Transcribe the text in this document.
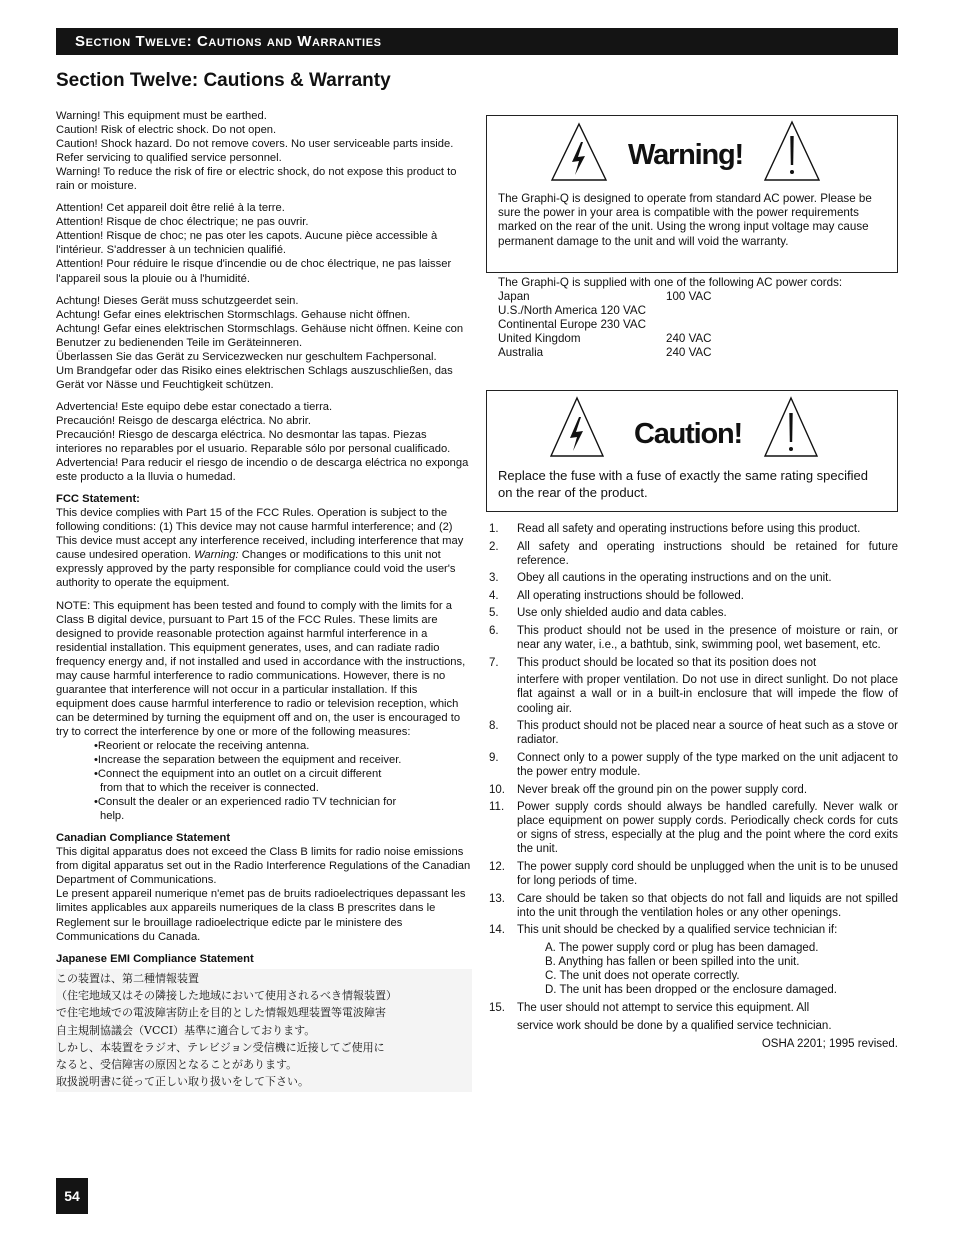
Section Twelve: Cautions and Warranties
Section Twelve: Cautions & Warranty

Warning! This equipment must be earthed.
Caution! Risk of electric shock. Do not open.
Caution! Shock hazard. Do not remove covers. No user serviceable parts inside. Refer servicing to qualified service personnel.
Warning! To reduce the risk of fire or electric shock, do not expose this product to rain or moisture.

Attention! Cet appareil doit être relié à la terre.
Attention! Risque de choc électrique; ne pas ouvrir.
Attention! Risque de choc; ne pas oter les capots. Aucune pièce accessible à l'intérieur. S'addresser à un technicien qualifié.
Attention! Pour réduire le risque d'incendie ou de choc électrique, ne pas laisser l'appareil sous la plouie ou à l'humidité.

Achtung! Dieses Gerät muss schutzgeerdet sein.
Achtung! Gefar eines elektrischen Stormschlags. Gehause nicht öffnen.
Achtung! Gefar eines elektrischen Stormschlags. Gehäuse nicht öffnen. Keine con Benutzer zu bedienenden Teile im Geräteinneren.
Überlassen Sie das Gerät zu Servicezwecken nur geschultem Fachpersonal.
Um Brandgefar oder das Risiko eines elektrischen Schlags auszuschließen, das Gerät vor Nässe und Feuchtigkeit schützen.

Advertencia! Este equipo debe estar conectado a tierra.
Precaución! Reisgo de descarga eléctrica. No abrir.
Precaución! Riesgo de descarga eléctrica. No desmontar las tapas. Piezas interiores no reparables por el usuario. Reparable sólo por personal cualificado.
Advertencia! Para reducir el riesgo de incendio o de descarga eléctrica no exponga este producto a la lluvia o humedad.

FCC Statement:
This device complies with Part 15 of the FCC Rules. Operation is subject to the following conditions: (1) This device may not cause harmful interference; and (2) This device must accept any interference received, including interference that may cause undesired operation. Warning: Changes or modifications to this unit not expressly approved by the party responsible for compliance could void the user's authority to operate the equipment.

NOTE: This equipment has been tested and found to comply with the limits for a Class B digital device, pursuant to Part 15 of the FCC Rules. These limits are designed to provide reasonable protection against harmful interference in a residential installation. This equipment generates, uses, and can radiate radio frequency energy and, if not installed and used in accordance with the instructions, may cause harmful interference to radio communications. However, there is no guarantee that interference will not occur in a particular installation. If this equipment does cause harmful interference to radio or television reception, which can be determined by turning the equipment off and on, the user is encouraged to try to correct the interference by one or more of the following measures:
•Reorient or relocate the receiving antenna.
•Increase the separation between the equipment and receiver.
•Connect the equipment into an outlet on a circuit different
from that to which the receiver is connected.
•Consult the dealer or an experienced radio TV technician for
help.

Canadian Compliance Statement
This digital apparatus does not exceed the Class B limits for radio noise emissions from digital apparatus set out in the Radio Interference Regulations of the Canadian Department of Communications.
Le present appareil numerique n'emet pas de bruits radioelectriques depassant les limites applicables aux appareils numeriques de la class B prescrites dans le Reglement sur le brouillage radioelectrique edicte par le ministere des Communications du Canada.

Japanese EMI Compliance Statement
この装置は、第二種情報装置
（住宅地域又はその隣接した地域において使用されるべき情報装置）
で住宅地域での電波障害防止を目的とした情報処理装置等電波障害
自主規制協議会（VCCI）基準に適合しております。
しかし、本装置をラジオ、テレビジョン受信機に近接してご使用に
なると、受信障害の原因となることがあります。
取扱説明書に従って正しい取り扱いをして下さい。
Warning!
The Graphi-Q is designed to operate from standard AC power. Please be sure the power in your area is compatible with the power requirements marked on the rear of the unit. Using the wrong input voltage may cause permanent damage to the unit and will void the warranty.
The Graphi-Q is supplied with one of the following AC power cords:
Japan	100 VAC
U.S./North America 120 VAC
Continental Europe 230 VAC
United Kingdom	240 VAC
Australia	240 VAC
Caution!
Replace the fuse with a fuse of exactly the same rating specified on the rear of the product.
1.	Read all safety and operating instructions before using this product.
2.	All safety and operating instructions should be retained for future reference.
3.	Obey all cautions in the operating instructions and on the unit.
4.	All operating instructions should be followed.
5.	Use only shielded audio and data cables.
6.	This product should not be used in the presence of moisture or rain, or near any water, i.e., a bathtub, sink, swimming pool, wet basement, etc.
7.	This product should be located so that its position does not
interfere with proper ventilation. Do not use in direct sunlight. Do not place flat against a wall or in a built-in enclosure that will impede the flow of cooling air.
8.	This product should not be placed near a source of heat such as a stove or radiator.
9.	Connect only to a power supply of the type marked on the unit adjacent to the power entry module.
10.	Never break off the ground pin on the power supply cord.
11.	Power supply cords should always be handled carefully. Never walk or place equipment on power supply cords. Periodically check cords for cuts or signs of stress, especially at the plug and the point where the cord exits the unit.
12.	The power supply cord should be unplugged when the unit is to be unused for long periods of time.
13.	Care should be taken so that objects do not fall and liquids are not spilled into the unit through the ventilation holes or any other openings.
14.	This unit should be checked by a qualified service technician if:
A. The power supply cord or plug has been damaged.
B. Anything has fallen or been spilled into the unit.
C. The unit does not operate correctly.
D. The unit has been dropped or the enclosure damaged.
15.	The user should not attempt to service this equipment. All
service work should be done by a qualified service technician.
OSHA 2201; 1995 revised.
54
